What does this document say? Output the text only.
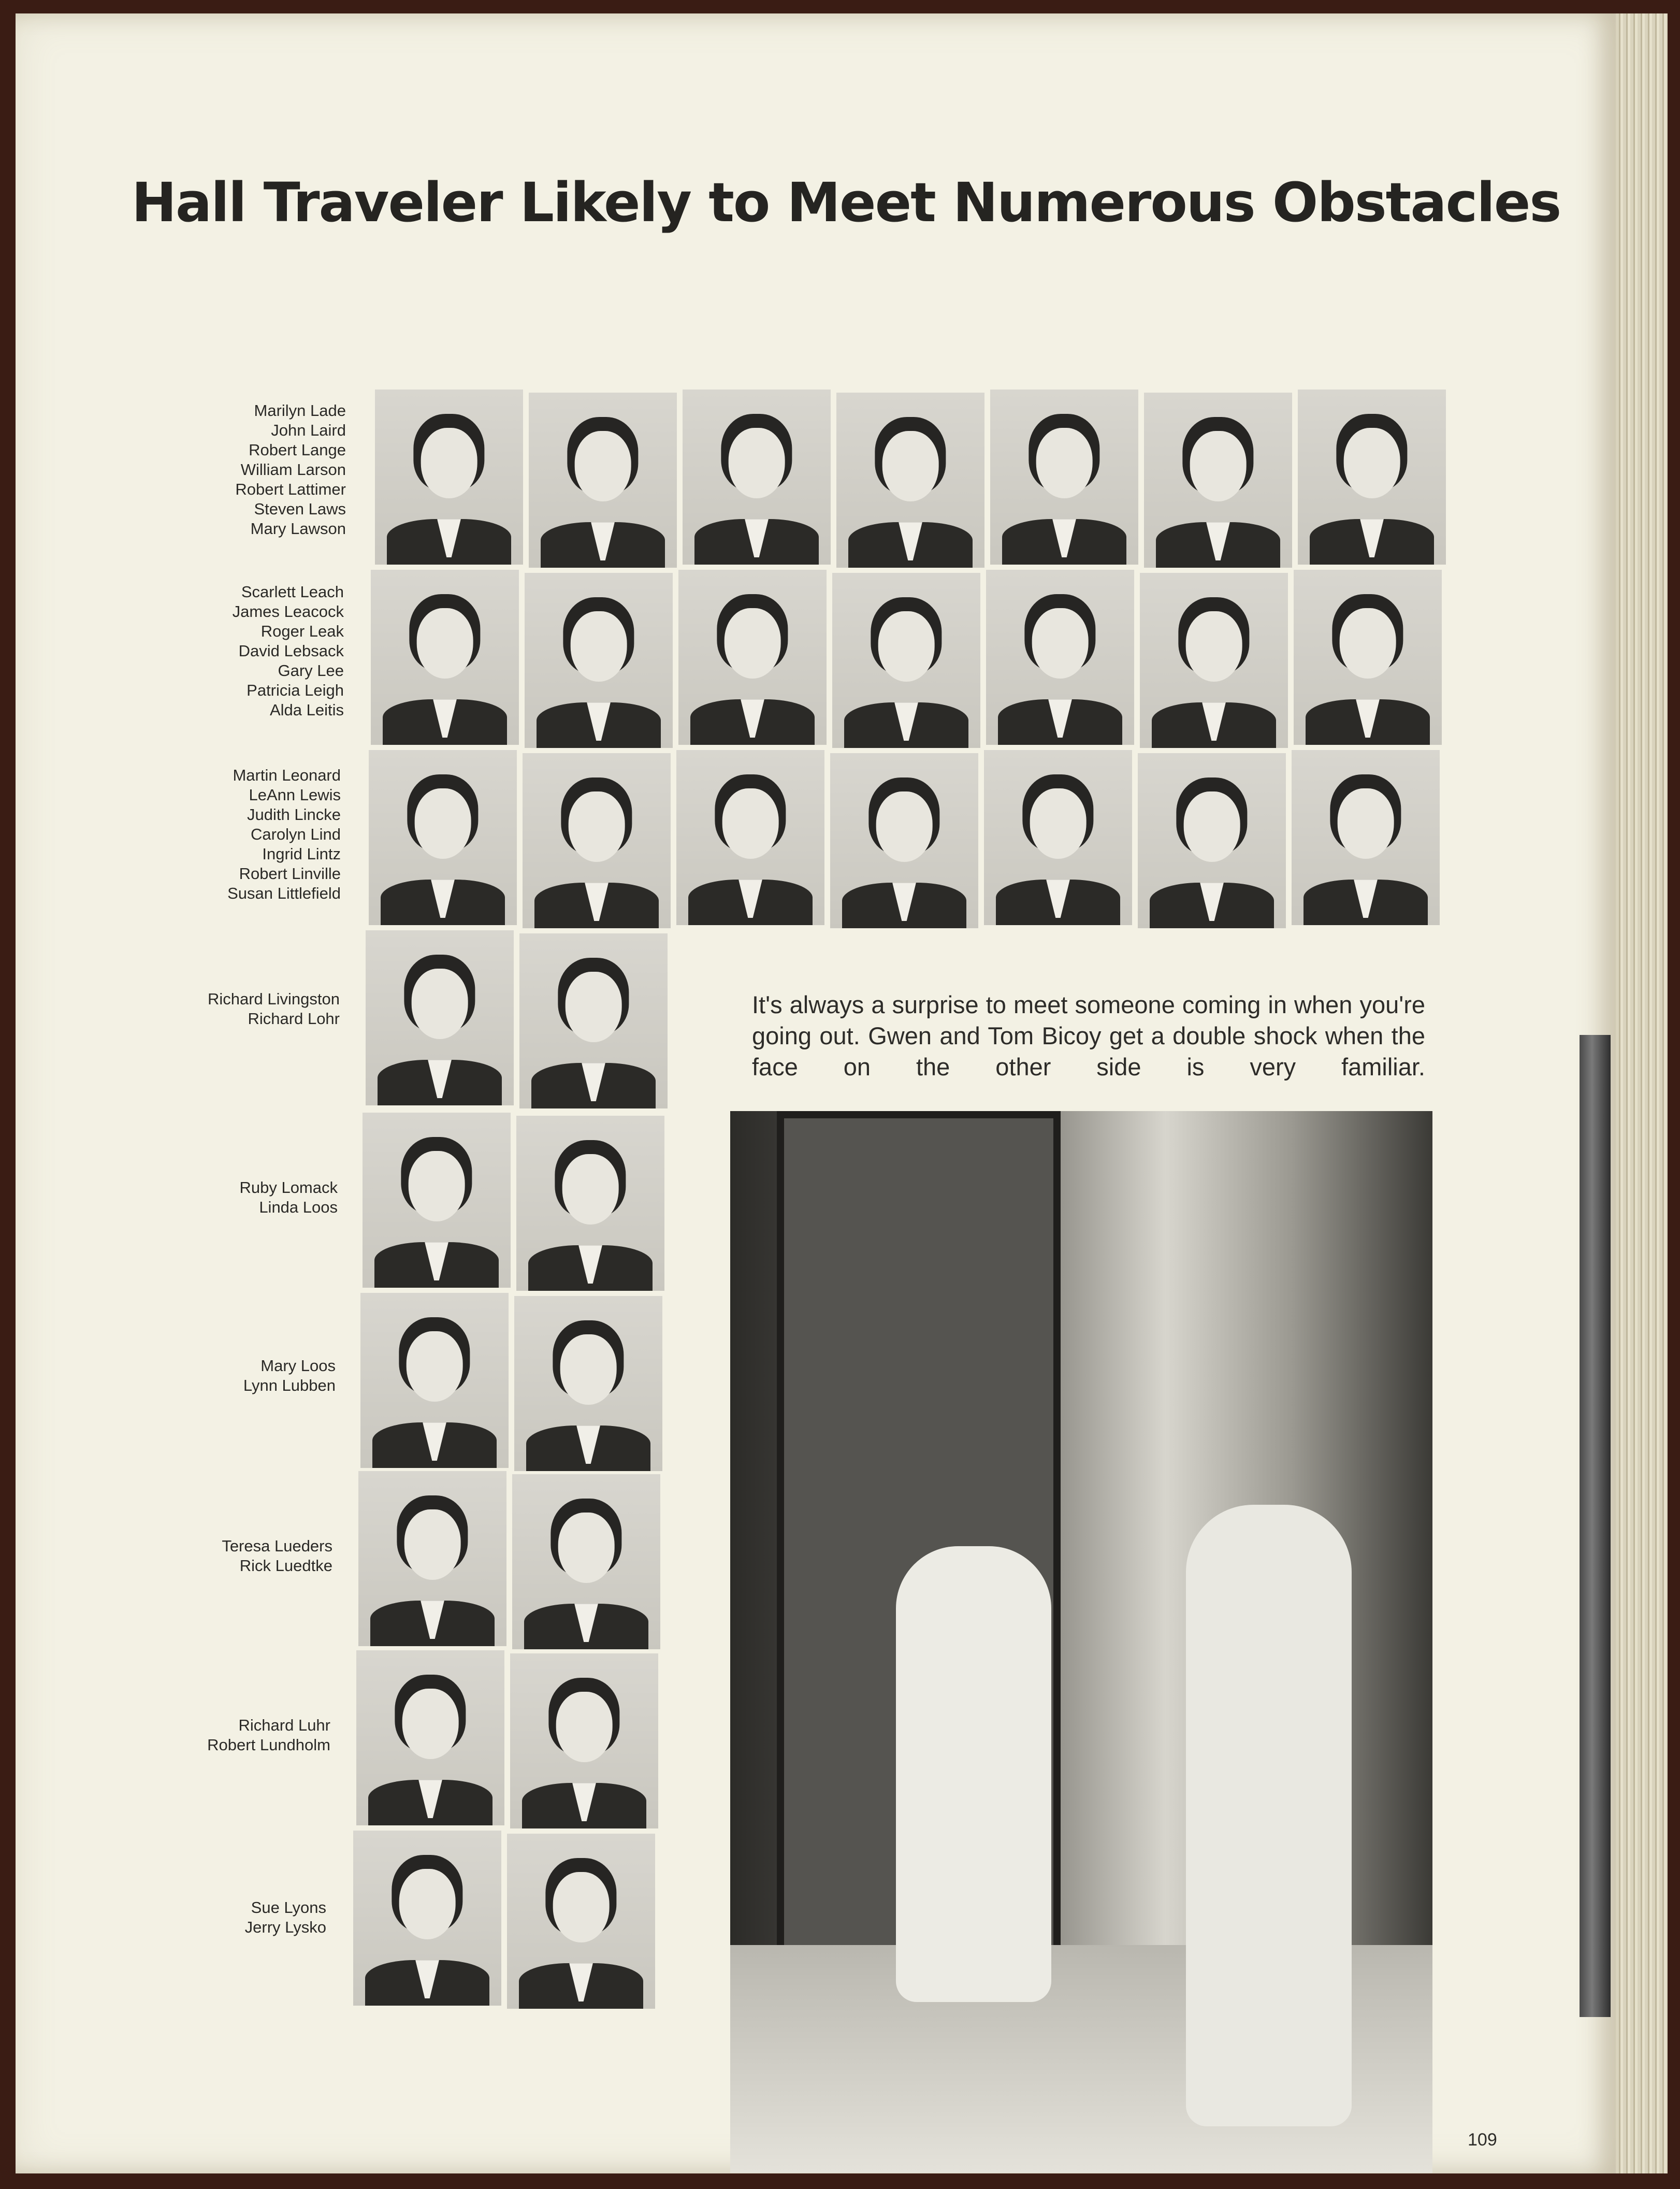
Hall Traveler Likely to Meet Numerous Obstacles
Marilyn Lade
John Laird
Robert Lange
William Larson
Robert Lattimer
Steven Laws
Mary Lawson
Scarlett Leach
James Leacock
Roger Leak
David Lebsack
Gary Lee
Patricia Leigh
Alda Leitis
Martin Leonard
LeAnn Lewis
Judith Lincke
Carolyn Lind
Ingrid Lintz
Robert Linville
Susan Littlefield
Richard Livingston
Richard Lohr
Ruby Lomack
Linda Loos
Mary Loos
Lynn Lubben
Teresa Lueders
Rick Luedtke
Richard Luhr
Robert Lundholm
Sue Lyons
Jerry Lysko
It's always a surprise to meet someone coming in when you're going out. Gwen and Tom Bicoy get a double shock when the face on the other side is very familiar.
109
